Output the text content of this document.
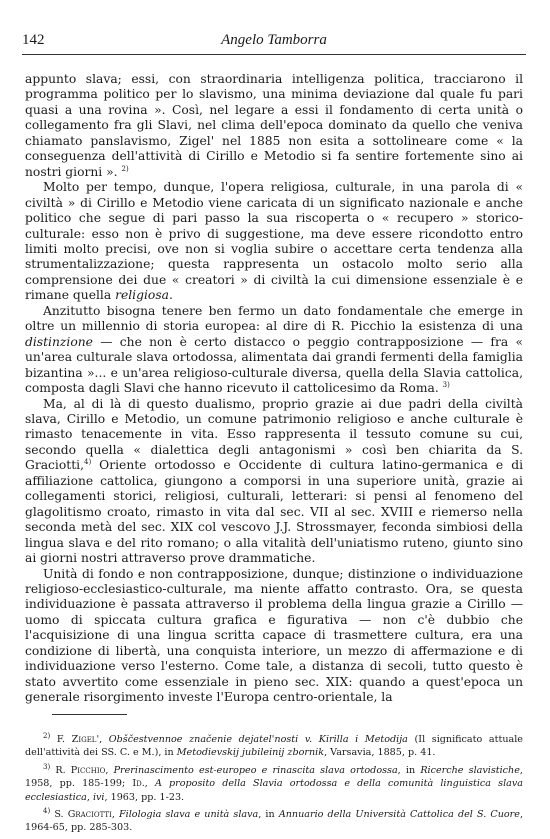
142	Angelo Tamborra

appunto slava; essi, con straordinaria intelligenza politica, tracciarono il programma politico per lo slavismo, una minima deviazione dal quale fu pari quasi a una rovina ». Così, nel legare a essi il fondamento di certa unità o collegamento fra gli Slavi, nel clima dell'epoca dominato da quello che veniva chiamato panslavismo, Zigel' nel 1885 non esita a sottolineare come « la conseguenza dell'attività di Cirillo e Metodio si fa sentire fortemente sino ai nostri giorni ». $^{2)}$

Molto per tempo, dunque, l'opera religiosa, culturale, in una parola di « civiltà » di Cirillo e Metodio viene caricata di un significato nazionale e anche politico che segue di pari passo la sua riscoperta o « recupero » storico-culturale: esso non è privo di suggestione, ma deve essere ricondotto entro limiti molto precisi, ove non si voglia subire o accettare certa tendenza alla strumentalizzazione; questa rappresenta un ostacolo molto serio alla comprensione dei due « creatori » di civiltà la cui dimensione essenziale è e rimane quella religiosa.

Anzitutto bisogna tenere ben fermo un dato fondamentale che emerge in oltre un millennio di storia europea: al dire di R. Picchio la esistenza di una distinzione — che non è certo distacco o peggio contrapposizione — fra « un'area culturale slava ortodossa, alimentata dai grandi fermenti della famiglia bizantina »... e un'area religioso-culturale diversa, quella della Slavia cattolica, composta dagli Slavi che hanno ricevuto il cattolicesimo da Roma. $^{3)}$

Ma, al di là di questo dualismo, proprio grazie ai due padri della civiltà slava, Cirillo e Metodio, un comune patrimonio religioso e anche culturale è rimasto tenacemente in vita. Esso rappresenta il tessuto comune su cui, secondo quella « dialettica degli antagonismi » così ben chiarita da S. Graciotti,$^{4)}$ Oriente ortodosso e Occidente di cultura latino-germanica e di affiliazione cattolica, giungono a comporsi in una superiore unità, grazie ai collegamenti storici, religiosi, culturali, letterari: si pensi al fenomeno del glagolitismo croato, rimasto in vita dal sec. VII al sec. XVIII e riemerso nella seconda metà del sec. XIX col vescovo J.J. Strossmayer, feconda simbiosi della lingua slava e del rito romano; o alla vitalità dell'uniatismo ruteno, giunto sino ai giorni nostri attraverso prove drammatiche.

Unità di fondo e non contrapposizione, dunque; distinzione o individuazione religioso-ecclesiastico-culturale, ma niente affatto contrasto. Ora, se questa individuazione è passata attraverso il problema della lingua grazie a Cirillo — uomo di spiccata cultura grafica e figurativa — non c'è dubbio che l'acquisizione di una lingua scritta capace di trasmettere cultura, era una condizione di libertà, una conquista interiore, un mezzo di affermazione e di individuazione verso l'esterno. Come tale, a distanza di secoli, tutto questo è stato avvertito come essenziale in pieno sec. XIX: quando a quest'epoca un generale risorgimento investe l'Europa centro-orientale, la

$^{2)}$ F. Zigel', Obščestvennoe značenie dejatel'nosti v. Kirilla i Metodija (Il significato attuale dell'attività dei SS. C. e M.), in Metodievskij jubileinij zbornik, Varsavia, 1885, p. 41.

$^{3)}$ R. Picchio, Prerinascimento est-europeo e rinascita slava ortodossa, in Ricerche slavistiche, 1958, pp. 185-199; Id., A proposito della Slavia ortodossa e della comunità linguistica slava ecclesiastica, ivi, 1963, pp. 1-23.

$^{4)}$ S. Graciotti, Filologia slava e unità slava, in Annuario della Università Cattolica del S. Cuore, 1964-65, pp. 285-303.
